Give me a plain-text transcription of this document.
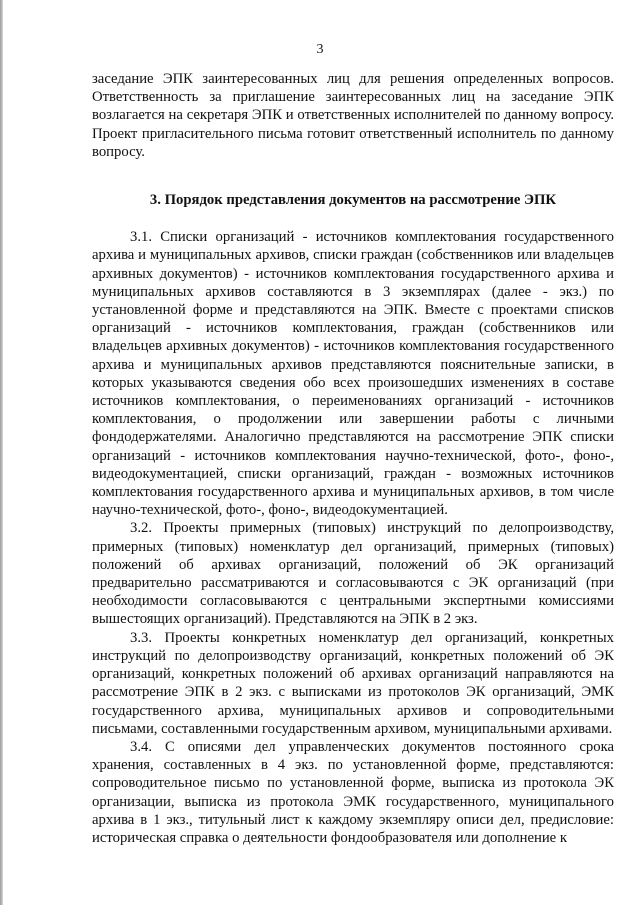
3

заседание ЭПК заинтересованных лиц для решения определенных вопросов. Ответственность за приглашение заинтересованных лиц на заседание ЭПК возлагается на секретаря ЭПК и ответственных исполнителей по данному вопросу. Проект пригласительного письма готовит ответственный исполнитель по данному вопросу.

3. Порядок представления документов на рассмотрение ЭПК

3.1. Списки организаций - источников комплектования государственного архива и муниципальных архивов, списки граждан (собственников или владельцев архивных документов) - источников комплектования государственного архива и муниципальных архивов составляются в 3 экземплярах (далее - экз.) по установленной форме и представляются на ЭПК. Вместе с проектами списков организаций - источников комплектования, граждан (собственников или владельцев архивных документов) - источников комплектования государственного архива и муниципальных архивов представляются пояснительные записки, в которых указываются сведения обо всех произошедших изменениях в составе источников комплектования, о переименованиях организаций - источников комплектования, о продолжении или завершении работы с личными фондодержателями. Аналогично представляются на рассмотрение ЭПК списки организаций - источников комплектования научно-технической, фото-, фоно-, видеодокументацией, списки организаций, граждан - возможных источников комплектования государственного архива и муниципальных архивов, в том числе научно-технической, фото-, фоно-, видеодокументацией.

3.2. Проекты примерных (типовых) инструкций по делопроизводству, примерных (типовых) номенклатур дел организаций, примерных (типовых) положений об архивах организаций, положений об ЭК организаций предварительно рассматриваются и согласовываются с ЭК организаций (при необходимости согласовываются с центральными экспертными комиссиями вышестоящих организаций). Представляются на ЭПК в 2 экз.

3.3. Проекты конкретных номенклатур дел организаций, конкретных инструкций по делопроизводству организаций, конкретных положений об ЭК организаций, конкретных положений об архивах организаций направляются на рассмотрение ЭПК в 2 экз. с выписками из протоколов ЭК организаций, ЭМК государственного архива, муниципальных архивов и сопроводительными письмами, составленными государственным архивом, муниципальными архивами.

3.4. С описями дел управленческих документов постоянного срока хранения, составленных в 4 экз. по установленной форме, представляются: сопроводительное письмо по установленной форме, выписка из протокола ЭК организации, выписка из протокола ЭМК государственного, муниципального архива в 1 экз., титульный лист к каждому экземпляру описи дел, предисловие: историческая справка о деятельности фондообразователя или дополнение к
